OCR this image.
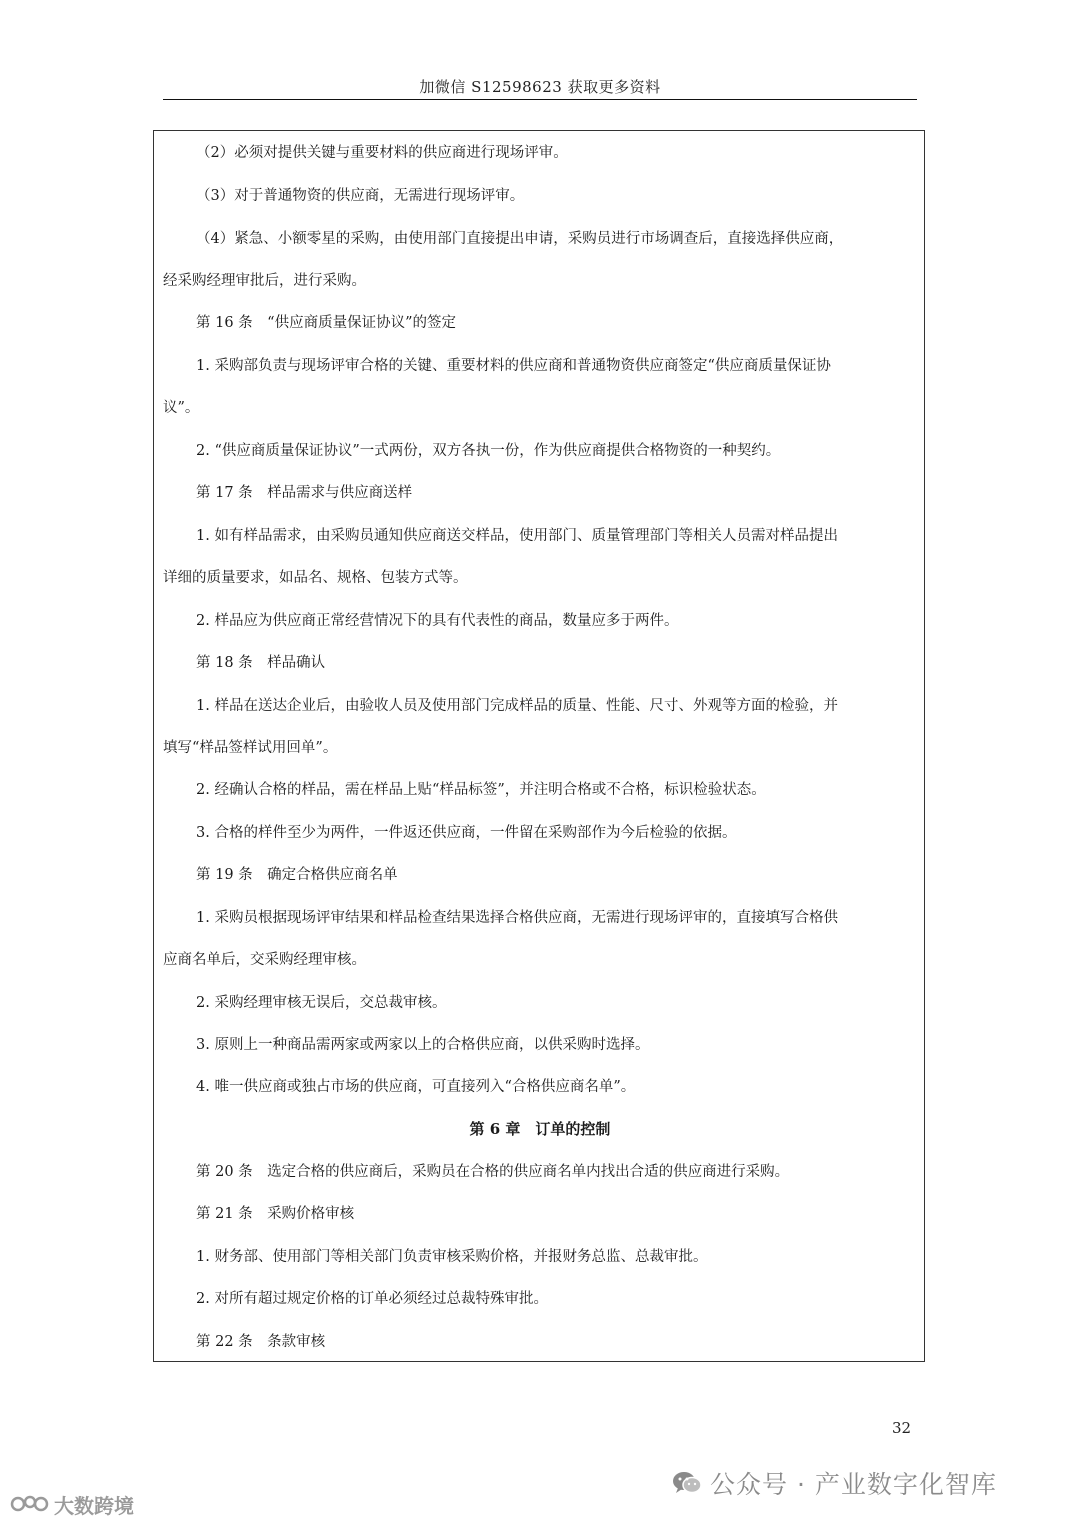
加微信 S12598623 获取更多资料
（2）必须对提供关键与重要材料的供应商进行现场评审。
（3）对于普通物资的供应商，无需进行现场评审。
（4）紧急、小额零星的采购，由使用部门直接提出申请，采购员进行市场调查后，直接选择供应商，
经采购经理审批后，进行采购。
第 16 条　“供应商质量保证协议”的签定
1. 采购部负责与现场评审合格的关键、重要材料的供应商和普通物资供应商签定“供应商质量保证协
议”。
2. “供应商质量保证协议”一式两份，双方各执一份，作为供应商提供合格物资的一种契约。
第 17 条　样品需求与供应商送样
1. 如有样品需求，由采购员通知供应商送交样品，使用部门、质量管理部门等相关人员需对样品提出
详细的质量要求，如品名、规格、包装方式等。
2. 样品应为供应商正常经营情况下的具有代表性的商品，数量应多于两件。
第 18 条　样品确认
1. 样品在送达企业后，由验收人员及使用部门完成样品的质量、性能、尺寸、外观等方面的检验，并
填写“样品签样试用回单”。
2. 经确认合格的样品，需在样品上贴“样品标签”，并注明合格或不合格，标识检验状态。
3. 合格的样件至少为两件，一件返还供应商，一件留在采购部作为今后检验的依据。
第 19 条　确定合格供应商名单
1. 采购员根据现场评审结果和样品检查结果选择合格供应商，无需进行现场评审的，直接填写合格供
应商名单后，交采购经理审核。
2. 采购经理审核无误后，交总裁审核。
3. 原则上一种商品需两家或两家以上的合格供应商，以供采购时选择。
4. 唯一供应商或独占市场的供应商，可直接列入“合格供应商名单”。
第 6 章　订单的控制
第 20 条　选定合格的供应商后，采购员在合格的供应商名单内找出合适的供应商进行采购。
第 21 条　采购价格审核
1. 财务部、使用部门等相关部门负责审核采购价格，并报财务总监、总裁审批。
2. 对所有超过规定价格的订单必须经过总裁特殊审批。
第 22 条　条款审核
32
公众号 · 产业数字化智库
大数跨境
